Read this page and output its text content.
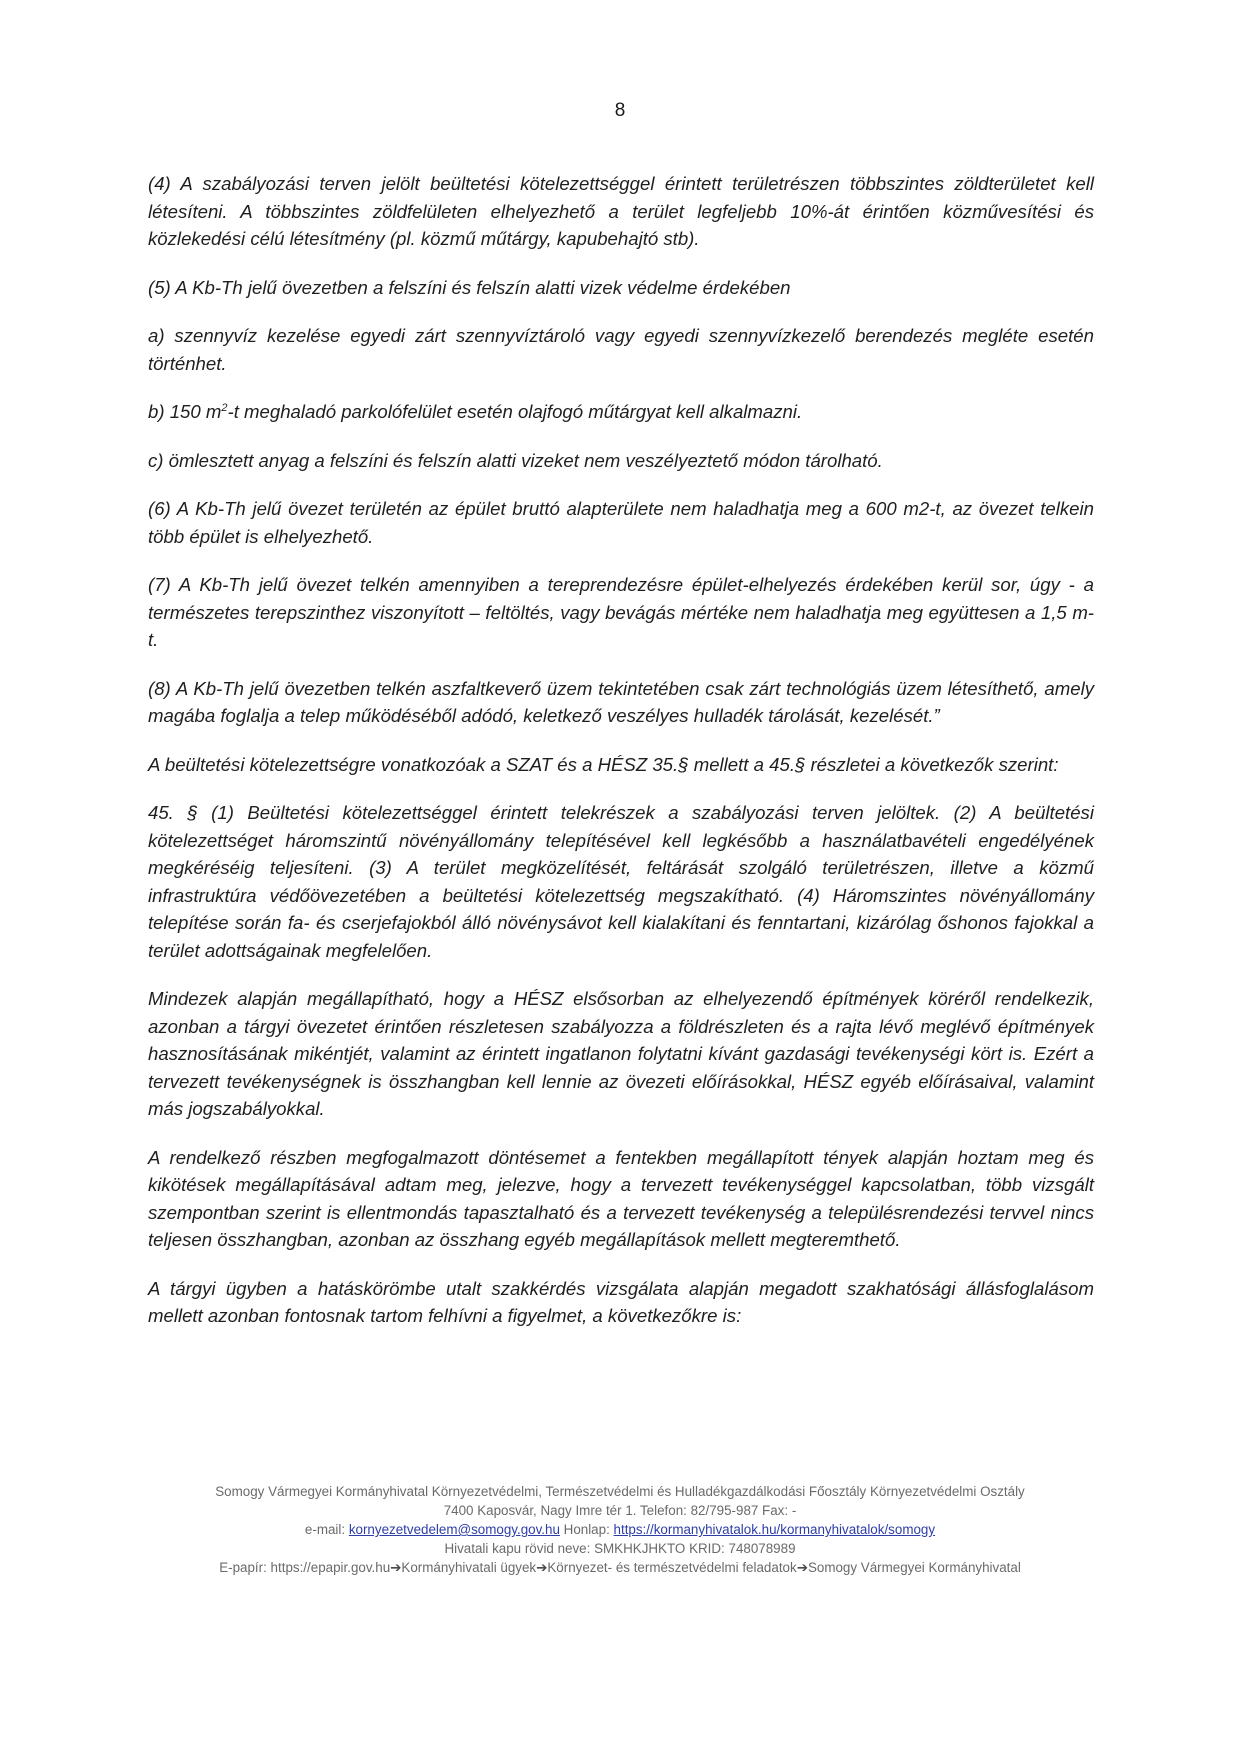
8

(4) A szabályozási terven jelölt beültetési kötelezettséggel érintett területrészen többszintes zöldterületet kell létesíteni. A többszintes zöldfelületen elhelyezhető a terület legfeljebb 10%-át érintően közművesítési és közlekedési célú létesítmény (pl. közmű műtárgy, kapubehajtó stb).

(5) A Kb-Th jelű övezetben a felszíni és felszín alatti vizek védelme érdekében

a) szennyvíz kezelése egyedi zárt szennyvíztároló vagy egyedi szennyvízkezelő berendezés megléte esetén történhet.

b) 150 $m^2-t$ meghaladó parkolófelület esetén olajfogó műtárgyat kell alkalmazni.

c) ömlesztett anyag a felszíni és felszín alatti vizeket nem veszélyeztető módon tárolható.

(6) A Kb-Th jelű övezet területén az épület bruttó alapterülete nem haladhatja meg a 600 m2-t, az övezet telkein több épület is elhelyezhető.

(7) A Kb-Th jelű övezet telkén amennyiben a tereprendezésre épület-elhelyezés érdekében kerül sor, úgy - a természetes terepszinthez viszonyított – feltöltés, vagy bevágás mértéke nem haladhatja meg együttesen a 1,5 m-t.

(8) A Kb-Th jelű övezetben telkén aszfaltkeverő üzem tekintetében csak zárt technológiás üzem létesíthető, amely magába foglalja a telep működéséből adódó, keletkező veszélyes hulladék tárolását, kezelését.”

A beültetési kötelezettségre vonatkozóak a SZAT és a HÉSZ 35.§ mellett a 45.§ részletei a következők szerint:

45. § (1) Beültetési kötelezettséggel érintett telekrészek a szabályozási terven jelöltek. (2) A beültetési kötelezettséget háromszintű növényállomány telepítésével kell legkésőbb a használatbavételi engedélyének megkéréséig teljesíteni. (3) A terület megközelítését, feltárását szolgáló területrészen, illetve a közmű infrastruktúra védőövezetében a beültetési kötelezettség megszakítható. (4) Háromszintes növényállomány telepítése során fa- és cserjefajokból álló növénysávot kell kialakítani és fenntartani, kizárólag őshonos fajokkal a terület adottságainak megfelelően.

Mindezek alapján megállapítható, hogy a HÉSZ elsősorban az elhelyezendő építmények köréről rendelkezik, azonban a tárgyi övezetet érintően részletesen szabályozza a földrészleten és a rajta lévő meglévő építmények hasznosításának mikéntjét, valamint az érintett ingatlanon folytatni kívánt gazdasági tevékenységi kört is. Ezért a tervezett tevékenységnek is összhangban kell lennie az övezeti előírásokkal, HÉSZ egyéb előírásaival, valamint más jogszabályokkal.

A rendelkező részben megfogalmazott döntésemet a fentekben megállapított tények alapján hoztam meg és kikötések megállapításával adtam meg, jelezve, hogy a tervezett tevékenységgel kapcsolatban, több vizsgált szempontban szerint is ellentmondás tapasztalható és a tervezett tevékenység a településrendezési tervvel nincs teljesen összhangban, azonban az összhang egyéb megállapítások mellett megteremthető.

A tárgyi ügyben a hatáskörömbe utalt szakkérdés vizsgálata alapján megadott szakhatósági állásfoglalásom mellett azonban fontosnak tartom felhívni a figyelmet, a következőkre is:

Somogy Vármegyei Kormányhivatal Környezetvédelmi, Természetvédelmi és Hulladékgazdálkodási Főosztály Környezetvédelmi Osztály
7400 Kaposvár, Nagy Imre tér 1. Telefon: 82/795-987 Fax: -
e-mail: kornyezetvedelem@somogy.gov.hu Honlap: https://kormanyhivatalok.hu/kormanyhivatalok/somogy
Hivatali kapu rövid neve: SMKHKJHKTO KRID: 748078989
E-papír: https://epapir.gov.hu➔Kormányhivatali ügyek➔Környezet- és természetvédelmi feladatok➔Somogy Vármegyei Kormányhivatal
